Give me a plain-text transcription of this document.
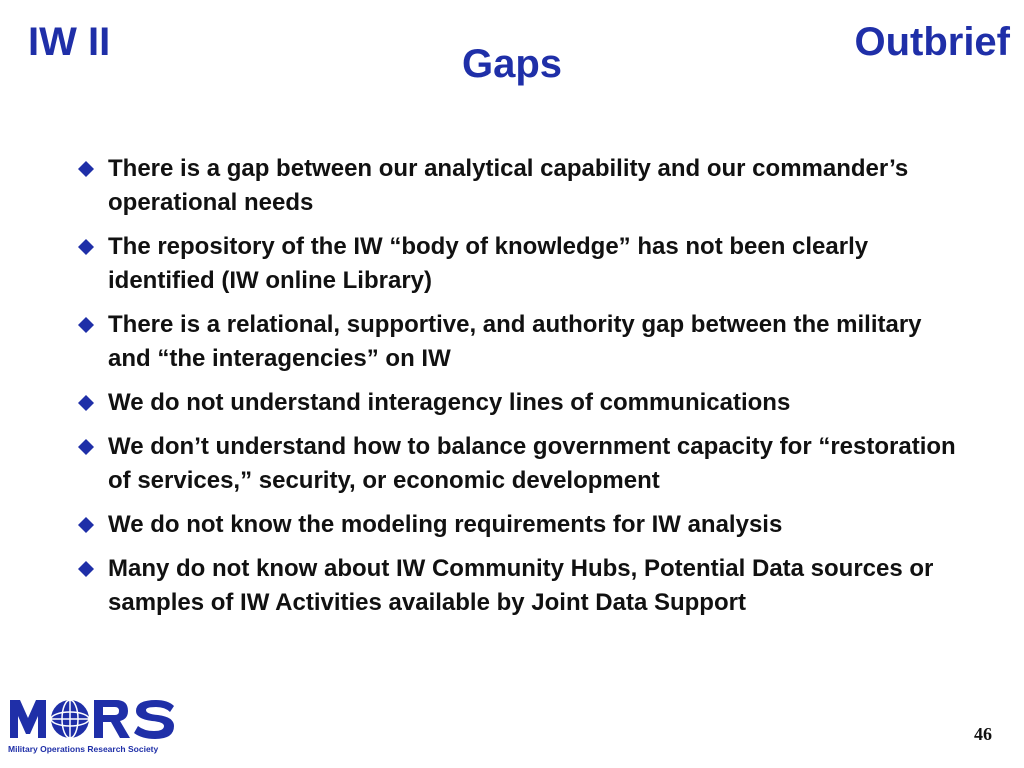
IW II	Outbrief
Gaps
There is a gap between our analytical capability and our commander’s operational needs
The repository of the IW “body of knowledge” has not been clearly identified (IW online Library)
There is a relational, supportive, and authority gap between the military and “the interagencies” on IW
We do not understand interagency lines of communications
We don’t understand how to balance government capacity for “restoration of services,” security, or economic development
We do not know the modeling requirements for IW analysis
Many do not know about IW Community Hubs, Potential Data sources or samples of IW Activities available by Joint Data Support
Military Operations Research Society
46
